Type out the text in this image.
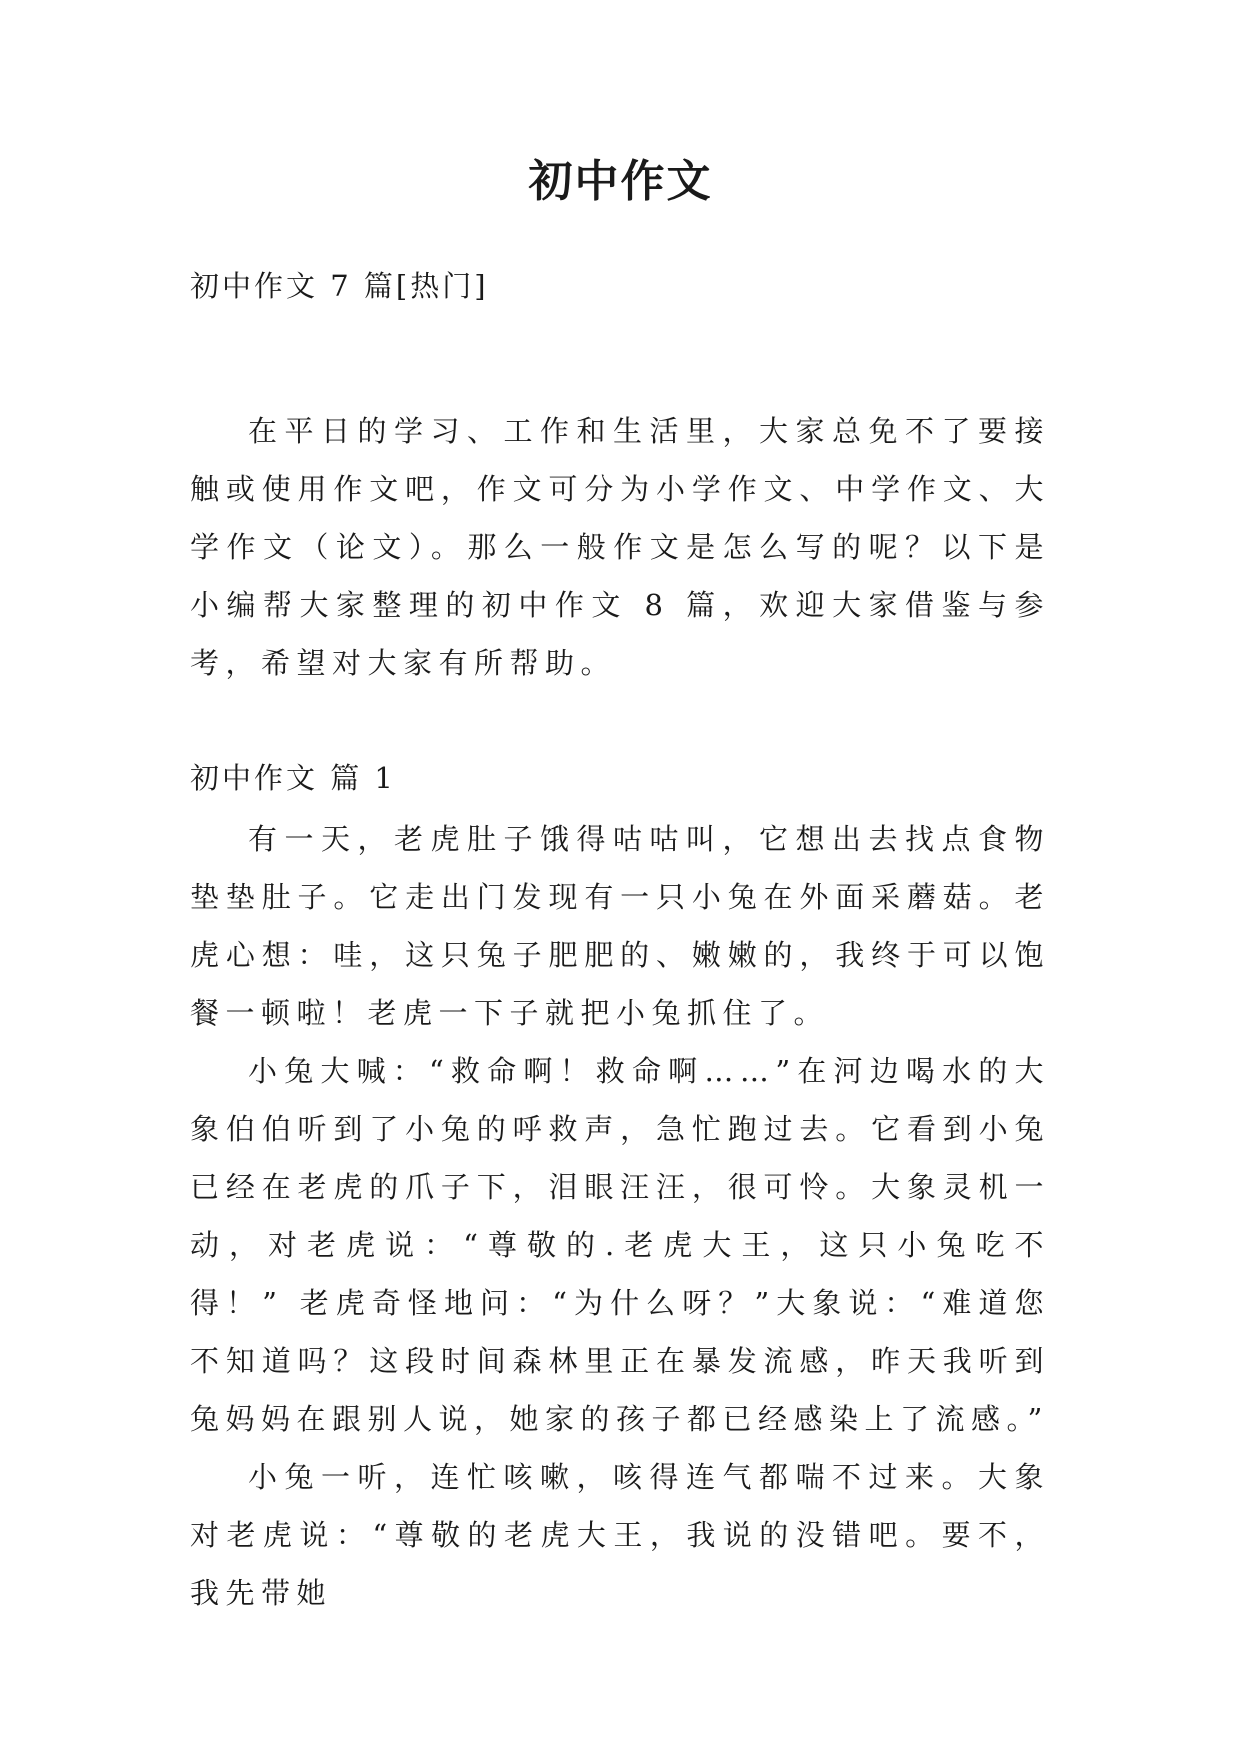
初中作文

初中作文 7 篇[热门]

在平日的学习、工作和生活里，大家总免不了要接触或使用作文吧，作文可分为小学作文、中学作文、大学作文（论文）。那么一般作文是怎么写的呢？以下是小编帮大家整理的初中作文 8 篇，欢迎大家借鉴与参考，希望对大家有所帮助。

初中作文 篇 1

有一天，老虎肚子饿得咕咕叫，它想出去找点食物垫垫肚子。它走出门发现有一只小兔在外面采蘑菇。老虎心想：哇，这只兔子肥肥的、嫩嫩的，我终于可以饱餐一顿啦！老虎一下子就把小兔抓住了。

小兔大喊：“救命啊！救命啊……”在河边喝水的大象伯伯听到了小兔的呼救声，急忙跑过去。它看到小兔已经在老虎的爪子下，泪眼汪汪，很可怜。大象灵机一动，对老虎说：“尊敬的.老虎大王，这只小兔吃不得！” 老虎奇怪地问：“为什么呀？”大象说：“难道您不知道吗？这段时间森林里正在暴发流感，昨天我听到兔妈妈在跟别人说，她家的孩子都已经感染上了流感。”

小兔一听，连忙咳嗽，咳得连气都喘不过来。大象对老虎说：“尊敬的老虎大王，我说的没错吧。要不，我先带她
